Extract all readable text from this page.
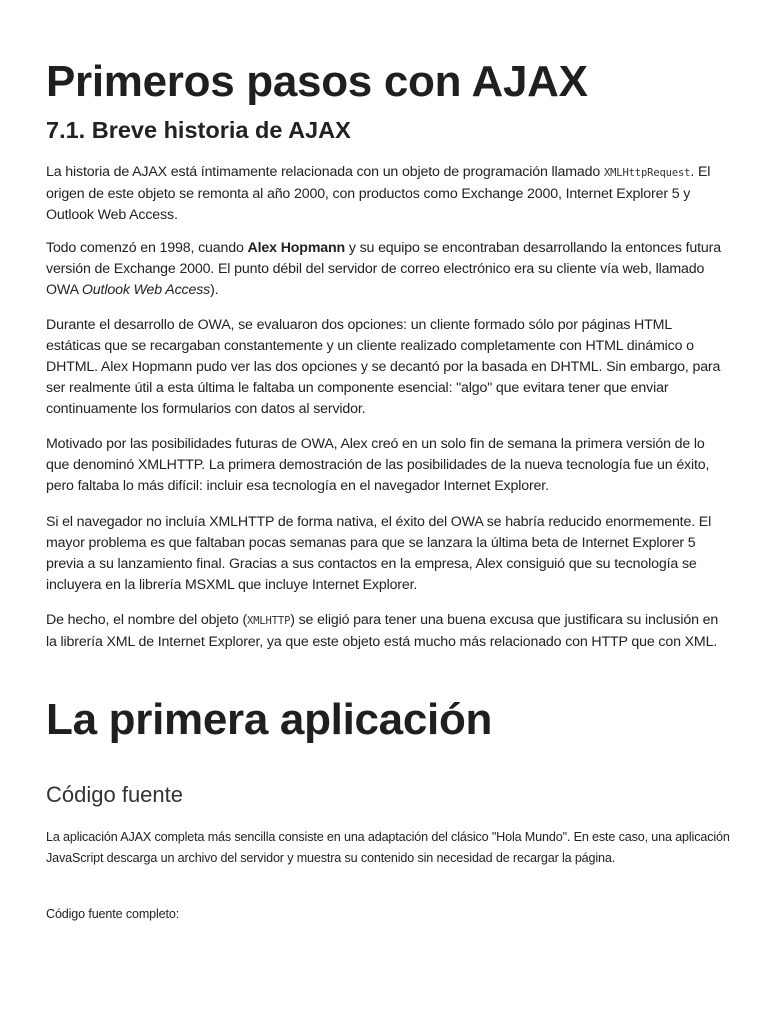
Primeros pasos con AJAX
7.1. Breve historia de AJAX

La historia de AJAX está íntimamente relacionada con un objeto de programación llamado XMLHttpRequest. El origen de este objeto se remonta al año 2000, con productos como Exchange 2000, Internet Explorer 5 y Outlook Web Access.

Todo comenzó en 1998, cuando Alex Hopmann y su equipo se encontraban desarrollando la entonces futura versión de Exchange 2000. El punto débil del servidor de correo electrónico era su cliente vía web, llamado OWA Outlook Web Access).

Durante el desarrollo de OWA, se evaluaron dos opciones: un cliente formado sólo por páginas HTML estáticas que se recargaban constantemente y un cliente realizado completamente con HTML dinámico o DHTML. Alex Hopmann pudo ver las dos opciones y se decantó por la basada en DHTML. Sin embargo, para ser realmente útil a esta última le faltaba un componente esencial: "algo" que evitara tener que enviar continuamente los formularios con datos al servidor.

Motivado por las posibilidades futuras de OWA, Alex creó en un solo fin de semana la primera versión de lo que denominó XMLHTTP. La primera demostración de las posibilidades de la nueva tecnología fue un éxito, pero faltaba lo más difícil: incluir esa tecnología en el navegador Internet Explorer.

Si el navegador no incluía XMLHTTP de forma nativa, el éxito del OWA se habría reducido enormemente. El mayor problema es que faltaban pocas semanas para que se lanzara la última beta de Internet Explorer 5 previa a su lanzamiento final. Gracias a sus contactos en la empresa, Alex consiguió que su tecnología se incluyera en la librería MSXML que incluye Internet Explorer.

De hecho, el nombre del objeto (XMLHTTP) se eligió para tener una buena excusa que justificara su inclusión en la librería XML de Internet Explorer, ya que este objeto está mucho más relacionado con HTTP que con XML.

La primera aplicación
Código fuente

La aplicación AJAX completa más sencilla consiste en una adaptación del clásico "Hola Mundo". En este caso, una aplicación JavaScript descarga un archivo del servidor y muestra su contenido sin necesidad de recargar la página.

Código fuente completo:
